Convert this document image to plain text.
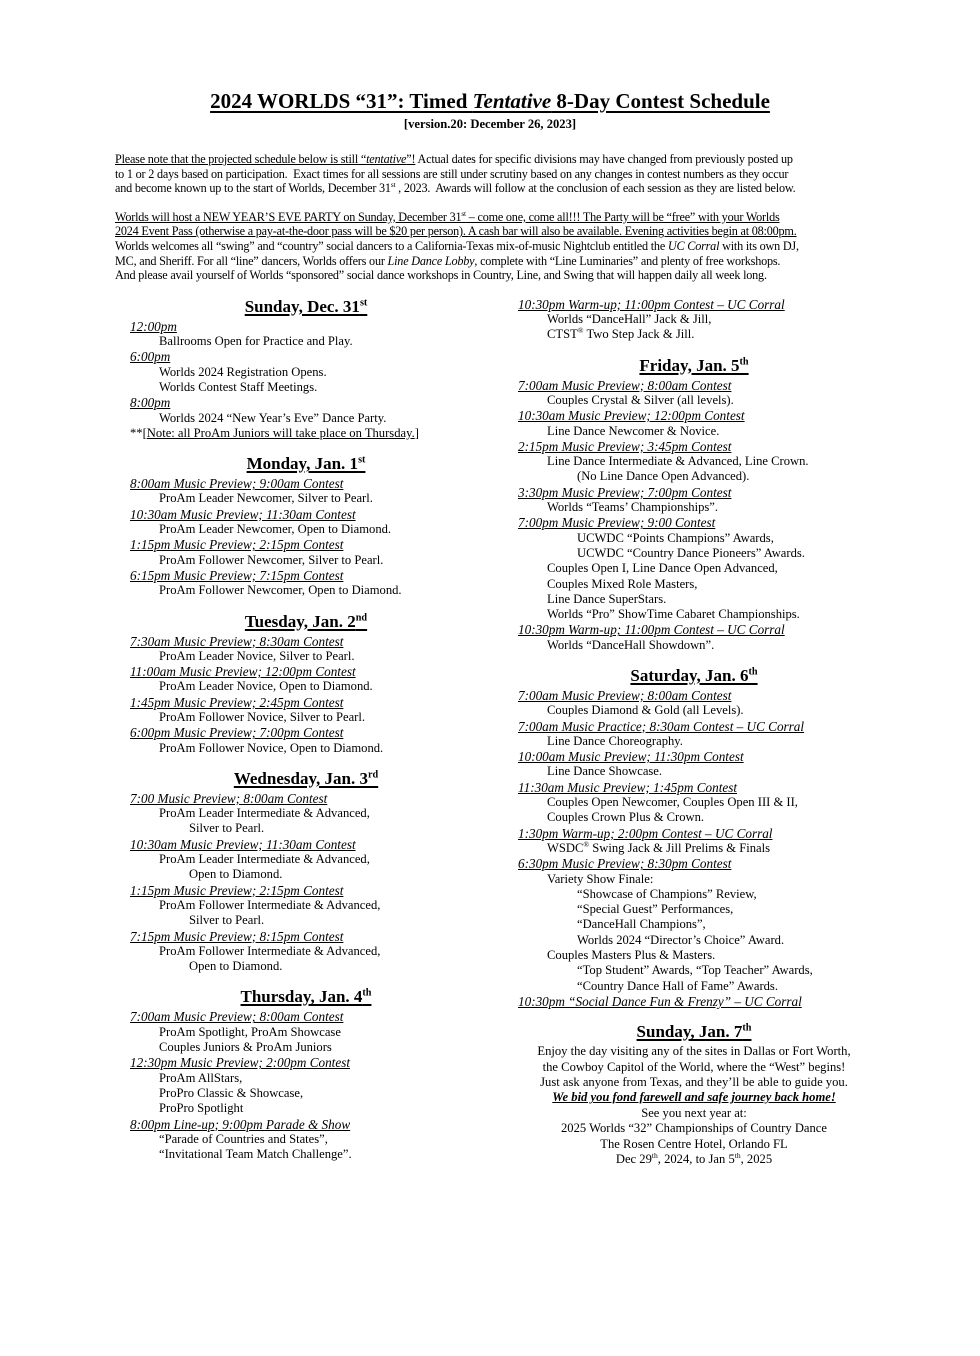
2024 WORLDS “31”: Timed Tentative 8-Day Contest Schedule
[version.20: December 26, 2023]
Please note that the projected schedule below is still “tentative”! Actual dates for specific divisions may have changed from previously posted up
to 1 or 2 days based on participation.  Exact times for all sessions are still under scrutiny based on any changes in contest numbers as they occur
and become known up to the start of Worlds, December 31st , 2023.  Awards will follow at the conclusion of each session as they are listed below.
Worlds will host a NEW YEAR’S EVE PARTY on Sunday, December 31st – come one, come all!!! The Party will be “free” with your Worlds
2024 Event Pass (otherwise a pay-at-the-door pass will be $20 per person). A cash bar will also be available. Evening activities begin at 08:00pm.
Worlds welcomes all “swing” and “country” social dancers to a California-Texas mix-of-music Nightclub entitled the UC Corral with its own DJ,
MC, and Sheriff. For all “line” dancers, Worlds offers our Line Dance Lobby, complete with “Line Luminaries” and plenty of free workshops.
And please avail yourself of Worlds “sponsored” social dance workshops in Country, Line, and Swing that will happen daily all week long.
Sunday, Dec. 31st
12:00pm
Ballrooms Open for Practice and Play.
6:00pm
Worlds 2024 Registration Opens.
Worlds Contest Staff Meetings.
8:00pm
Worlds 2024 “New Year’s Eve” Dance Party.
**[Note: all ProAm Juniors will take place on Thursday.]
Monday, Jan. 1st
8:00am Music Preview; 9:00am Contest
ProAm Leader Newcomer, Silver to Pearl.
10:30am Music Preview; 11:30am Contest
ProAm Leader Newcomer, Open to Diamond.
1:15pm Music Preview; 2:15pm Contest
ProAm Follower Newcomer, Silver to Pearl.
6:15pm Music Preview; 7:15pm Contest
ProAm Follower Newcomer, Open to Diamond.
Tuesday, Jan. 2nd
7:30am Music Preview; 8:30am Contest
ProAm Leader Novice, Silver to Pearl.
11:00am Music Preview; 12:00pm Contest
ProAm Leader Novice, Open to Diamond.
1:45pm Music Preview; 2:45pm Contest
ProAm Follower Novice, Silver to Pearl.
6:00pm Music Preview; 7:00pm Contest
ProAm Follower Novice, Open to Diamond.
Wednesday, Jan. 3rd
7:00 Music Preview; 8:00am Contest
ProAm Leader Intermediate & Advanced,
Silver to Pearl.
10:30am Music Preview; 11:30am Contest
ProAm Leader Intermediate & Advanced,
Open to Diamond.
1:15pm Music Preview; 2:15pm Contest
ProAm Follower Intermediate & Advanced,
Silver to Pearl.
7:15pm Music Preview; 8:15pm Contest
ProAm Follower Intermediate & Advanced,
Open to Diamond.
Thursday, Jan. 4th
7:00am Music Preview; 8:00am Contest
ProAm Spotlight, ProAm Showcase
Couples Juniors & ProAm Juniors
12:30pm Music Preview; 2:00pm Contest
ProAm AllStars,
ProPro Classic & Showcase,
ProPro Spotlight
8:00pm Line-up; 9:00pm Parade & Show
“Parade of Countries and States”,
“Invitational Team Match Challenge”.
10:30pm Warm-up; 11:00pm Contest – UC Corral
Worlds “DanceHall” Jack & Jill,
CTST® Two Step Jack & Jill.
Friday, Jan. 5th
7:00am Music Preview; 8:00am Contest
Couples Crystal & Silver (all levels).
10:30am Music Preview; 12:00pm Contest
Line Dance Newcomer & Novice.
2:15pm Music Preview; 3:45pm Contest
Line Dance Intermediate & Advanced, Line Crown.
(No Line Dance Open Advanced).
3:30pm Music Preview; 7:00pm Contest
Worlds “Teams’ Championships”.
7:00pm Music Preview; 9:00 Contest
UCWDC “Points Champions” Awards,
UCWDC “Country Dance Pioneers” Awards.
Couples Open I, Line Dance Open Advanced,
Couples Mixed Role Masters,
Line Dance SuperStars.
Worlds “Pro” ShowTime Cabaret Championships.
10:30pm Warm-up; 11:00pm Contest – UC Corral
Worlds “DanceHall Showdown”.
Saturday, Jan. 6th
7:00am Music Preview; 8:00am Contest
Couples Diamond & Gold (all Levels).
7:00am Music Practice; 8:30am Contest – UC Corral
Line Dance Choreography.
10:00am Music Preview; 11:30pm Contest
Line Dance Showcase.
11:30am Music Preview; 1:45pm Contest
Couples Open Newcomer, Couples Open III & II,
Couples Crown Plus & Crown.
1:30pm Warm-up; 2:00pm Contest – UC Corral
WSDC® Swing Jack & Jill Prelims & Finals
6:30pm Music Preview; 8:30pm Contest
Variety Show Finale:
“Showcase of Champions” Review,
“Special Guest” Performances,
“DanceHall Champions”,
Worlds 2024 “Director’s Choice” Award.
Couples Masters Plus & Masters.
“Top Student” Awards, “Top Teacher” Awards,
“Country Dance Hall of Fame” Awards.
10:30pm “Social Dance Fun & Frenzy” – UC Corral
Sunday, Jan. 7th
Enjoy the day visiting any of the sites in Dallas or Fort Worth,
the Cowboy Capitol of the World, where the “West” begins!
Just ask anyone from Texas, and they’ll be able to guide you.
We bid you fond farewell and safe journey back home!
See you next year at:
2025 Worlds “32” Championships of Country Dance
The Rosen Centre Hotel, Orlando FL
Dec 29th, 2024, to Jan 5th, 2025
